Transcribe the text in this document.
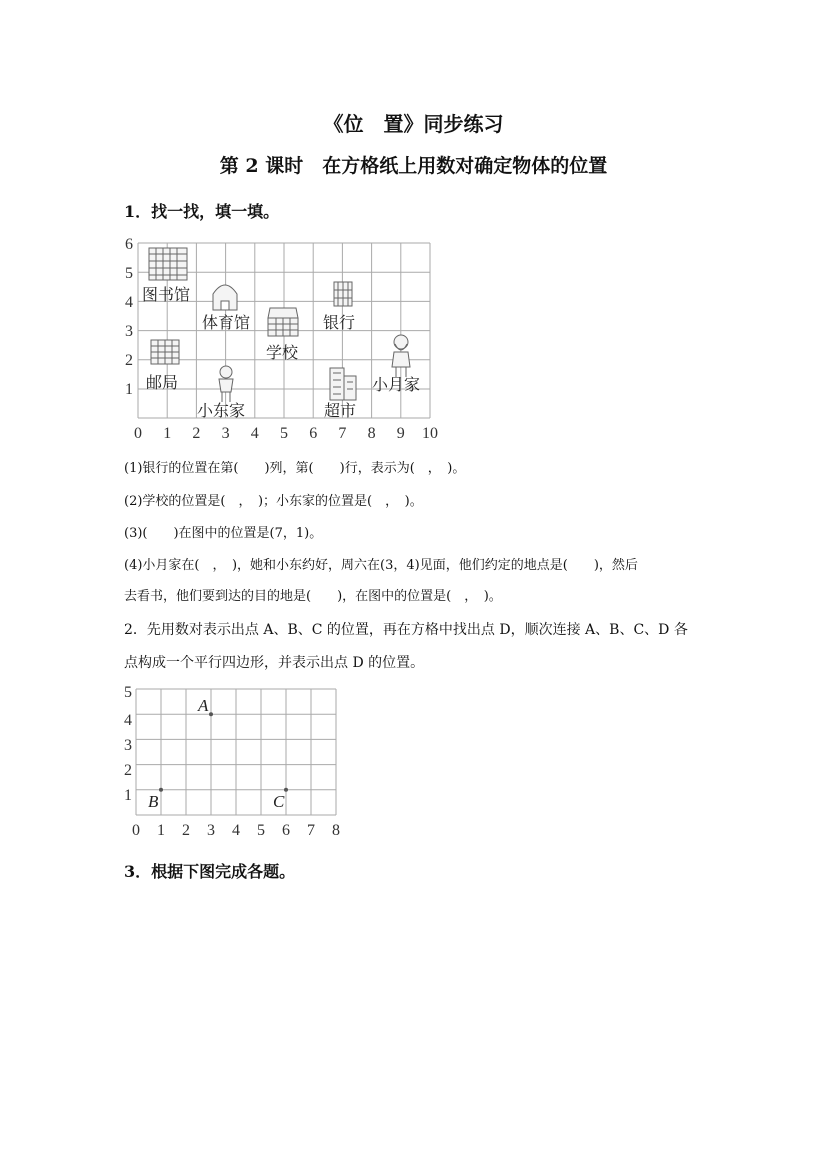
《位　置》同步练习
第 2 课时　在方格纸上用数对确定物体的位置
1．找一找，填一填。
0 1 2 3 4 5 6 7 8 9 10
1
2
3
4
5
6
图书馆
体育馆
学校
银行
邮局
小东家	超市
小月家
(1)银行的位置在第(　　)列，第(　　)行，表示为(　，　)。
(2)学校的位置是(　，　)；小东家的位置是(　，　)。
(3)(　　)在图中的位置是(7，1)。
(4)小月家在(　，　)，她和小东约好，周六在(3，4)见面，他们约定的地点是(　　)，然后
去看书，他们要到达的目的地是(　　)，在图中的位置是(　，　)。
2．先用数对表示出点 A、B、C 的位置，再在方格中找出点 D，顺次连接 A、B、C、D 各
点构成一个平行四边形，并表示出点 D 的位置。
0 1 2 3 4 5 6 7 8
1
2
3
4
5
A
B	C
3．根据下图完成各题。
